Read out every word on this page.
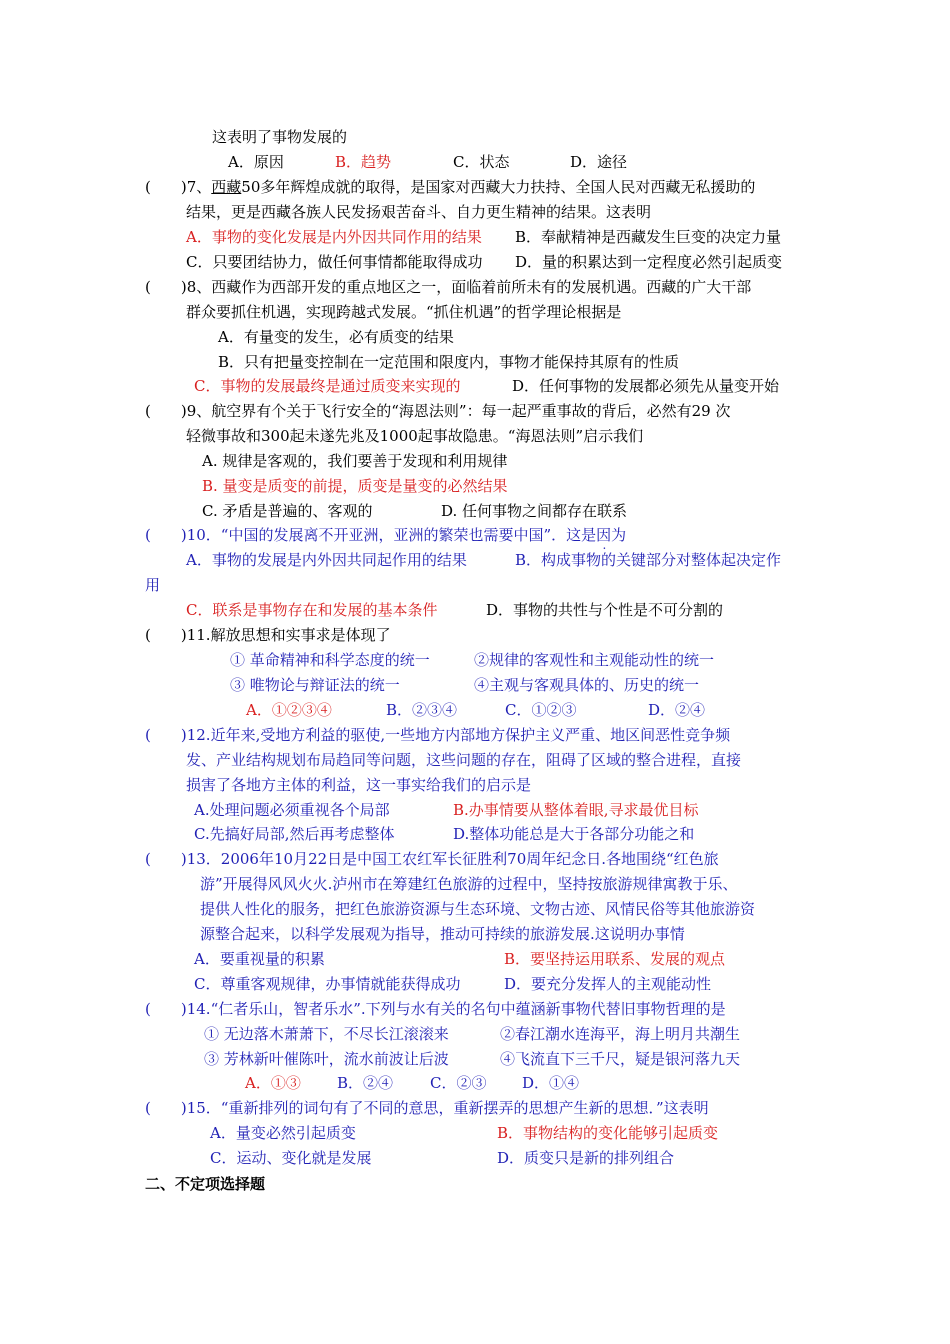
这表明了事物发展的
A．原因	B．趋势	C．状态	D．途径
(　　)7、西藏50多年辉煌成就的取得，是国家对西藏大力扶持、全国人民对西藏无私援助的
结果，更是西藏各族人民发扬艰苦奋斗、自力更生精神的结果。这表明
A．事物的变化发展是内外因共同作用的结果 B．奉献精神是西藏发生巨变的决定力量
C．只要团结协力，做任何事情都能取得成功 D．量的积累达到一定程度必然引起质变
(　　)8、西藏作为西部开发的重点地区之一，面临着前所未有的发展机遇。西藏的广大干部
群众要抓住机遇，实现跨越式发展。“抓住机遇”的哲学理论根据是
A．有量变的发生，必有质变的结果
B．只有把量变控制在一定范围和限度内，事物才能保持其原有的性质
C．事物的发展最终是通过质变来实现的	D．任何事物的发展都必须先从量变开始
(　　)9、航空界有个关于飞行安全的“海恩法则”：每一起严重事故的背后，必然有29 次
轻微事故和300起未遂先兆及1000起事故隐患。“海恩法则”启示我们
A. 规律是客观的，我们要善于发现和利用规律
B. 量变是质变的前提，质变是量变的必然结果
C. 矛盾是普遍的、客观的	D. 任何事物之间都存在联系
(　　)10．“中国的发展离不开亚洲，亚洲的繁荣也需要中国”．这是因为
A．事物的发展是内外因共同起作用的结果	B．构成事物的关键部分对整体起决定作
用
C．联系是事物存在和发展的基本条件	D．事物的共性与个性是不可分割的
(　　)11.解放思想和实事求是体现了
① 革命精神和科学态度的统一	②规律的客观性和主观能动性的统一
③ 唯物论与辩证法的统一	④主观与客观具体的、历史的统一
A．①②③④	B．②③④	C．①②③	D．②④
(　　)12.近年来,受地方利益的驱使,一些地方内部地方保护主义严重、地区间恶性竞争频
发、产业结构规划布局趋同等问题，这些问题的存在，阻碍了区域的整合进程，直接
损害了各地方主体的利益，这一事实给我们的启示是
A.处理问题必须重视各个局部	B.办事情要从整体着眼,寻求最优目标
C.先搞好局部,然后再考虑整体	D.整体功能总是大于各部分功能之和
(　　)13．2006年10月22日是中国工农红军长征胜利70周年纪念日.各地围绕“红色旅
游”开展得风风火火.泸州市在筹建红色旅游的过程中，坚持按旅游规律寓教于乐、
提供人性化的服务，把红色旅游资源与生态环境、文物古迹、风情民俗等其他旅游资
源整合起来，以科学发展观为指导，推动可持续的旅游发展.这说明办事情
A．要重视量的积累	B．要坚持运用联系、发展的观点
C．尊重客观规律，办事情就能获得成功	D．要充分发挥人的主观能动性
(　　)14.“仁者乐山，智者乐水”.下列与水有关的名句中蕴涵新事物代替旧事物哲理的是
① 无边落木萧萧下，不尽长江滚滚来	②春江潮水连海平，海上明月共潮生
③ 芳林新叶催陈叶，流水前波让后波	④飞流直下三千尺，疑是银河落九天
A．①③ B．②④ C．②③ D．①④
(　　)15．“重新排列的词句有了不同的意思，重新摆弄的思想产生新的思想．”这表明
A．量变必然引起质变	B．事物结构的变化能够引起质变
C．运动、变化就是发展	D．质变只是新的排列组合
二、不定项选择题
